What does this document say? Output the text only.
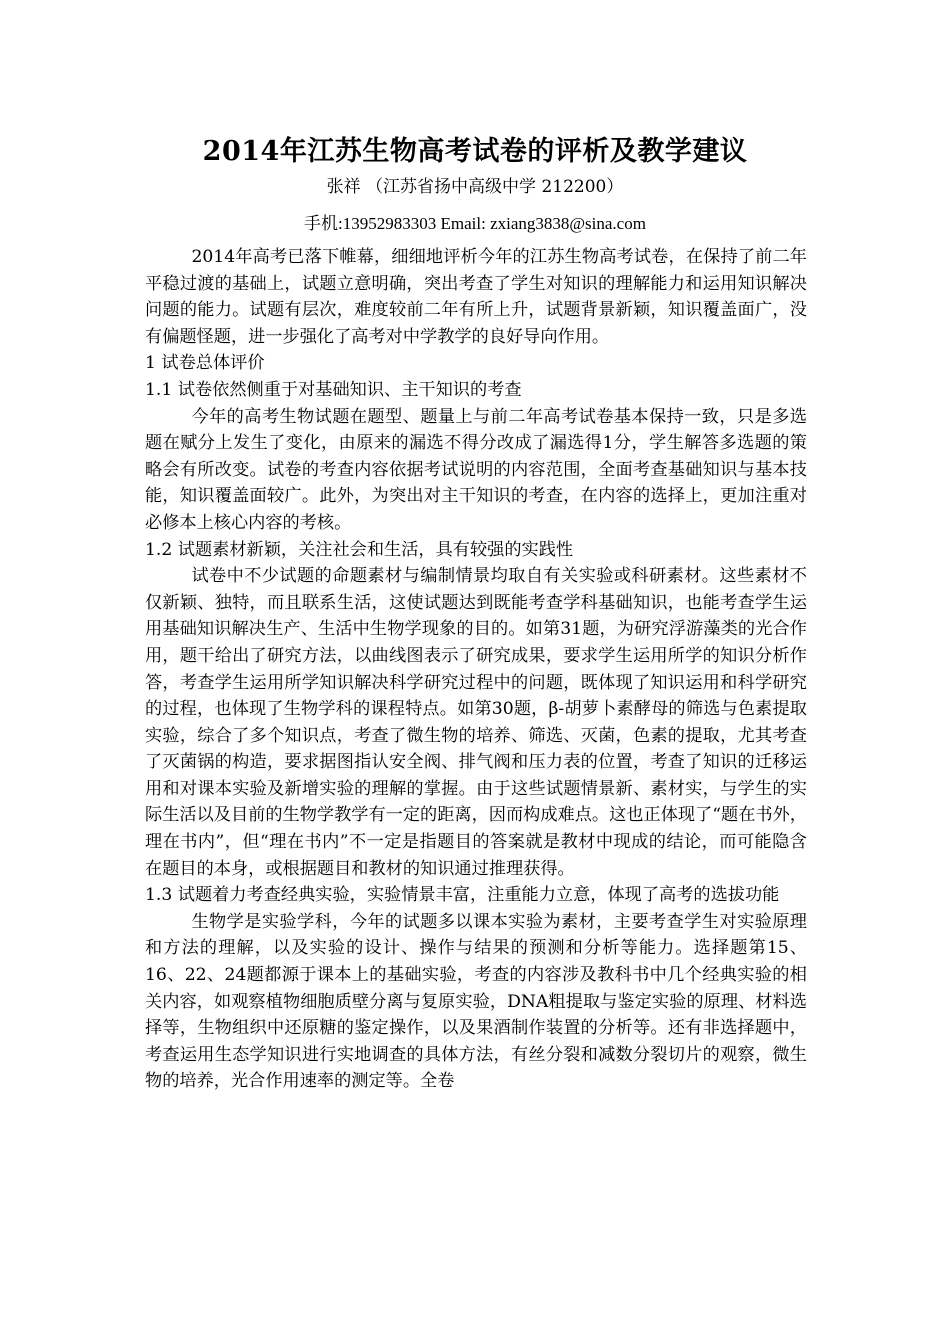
2014年江苏生物高考试卷的评析及教学建议
张祥 （江苏省扬中高级中学 212200）
手机:13952983303 Email: zxiang3838@sina.com

2014年高考已落下帷幕，细细地评析今年的江苏生物高考试卷，在保持了前二年平稳过渡的基础上，试题立意明确，突出考查了学生对知识的理解能力和运用知识解决问题的能力。试题有层次，难度较前二年有所上升，试题背景新颖，知识覆盖面广，没有偏题怪题，进一步强化了高考对中学教学的良好导向作用。

1 试卷总体评价

1.1 试卷依然侧重于对基础知识、主干知识的考查

今年的高考生物试题在题型、题量上与前二年高考试卷基本保持一致，只是多选题在赋分上发生了变化，由原来的漏选不得分改成了漏选得1分，学生解答多选题的策略会有所改变。试卷的考查内容依据考试说明的内容范围，全面考查基础知识与基本技能，知识覆盖面较广。此外，为突出对主干知识的考查，在内容的选择上，更加注重对必修本上核心内容的考核。

1.2 试题素材新颖，关注社会和生活，具有较强的实践性

试卷中不少试题的命题素材与编制情景均取自有关实验或科研素材。这些素材不仅新颖、独特，而且联系生活，这使试题达到既能考查学科基础知识，也能考查学生运用基础知识解决生产、生活中生物学现象的目的。如第31题，为研究浮游藻类的光合作用，题干给出了研究方法，以曲线图表示了研究成果，要求学生运用所学的知识分析作答，考查学生运用所学知识解决科学研究过程中的问题，既体现了知识运用和科学研究的过程，也体现了生物学科的课程特点。如第30题，β-胡萝卜素酵母的筛选与色素提取实验，综合了多个知识点，考查了微生物的培养、筛选、灭菌，色素的提取，尤其考查了灭菌锅的构造，要求据图指认安全阀、排气阀和压力表的位置，考查了知识的迁移运用和对课本实验及新增实验的理解的掌握。由于这些试题情景新、素材实，与学生的实际生活以及目前的生物学教学有一定的距离，因而构成难点。这也正体现了“题在书外，理在书内”，但“理在书内”不一定是指题目的答案就是教材中现成的结论，而可能隐含在题目的本身，或根据题目和教材的知识通过推理获得。

1.3 试题着力考查经典实验，实验情景丰富，注重能力立意，体现了高考的选拔功能

生物学是实验学科，今年的试题多以课本实验为素材，主要考查学生对实验原理和方法的理解，以及实验的设计、操作与结果的预测和分析等能力。选择题第15、16、22、24题都源于课本上的基础实验，考查的内容涉及教科书中几个经典实验的相关内容，如观察植物细胞质壁分离与复原实验，DNA粗提取与鉴定实验的原理、材料选择等，生物组织中还原糖的鉴定操作，以及果酒制作装置的分析等。还有非选择题中，考查运用生态学知识进行实地调查的具体方法，有丝分裂和减数分裂切片的观察，微生物的培养，光合作用速率的测定等。全卷
